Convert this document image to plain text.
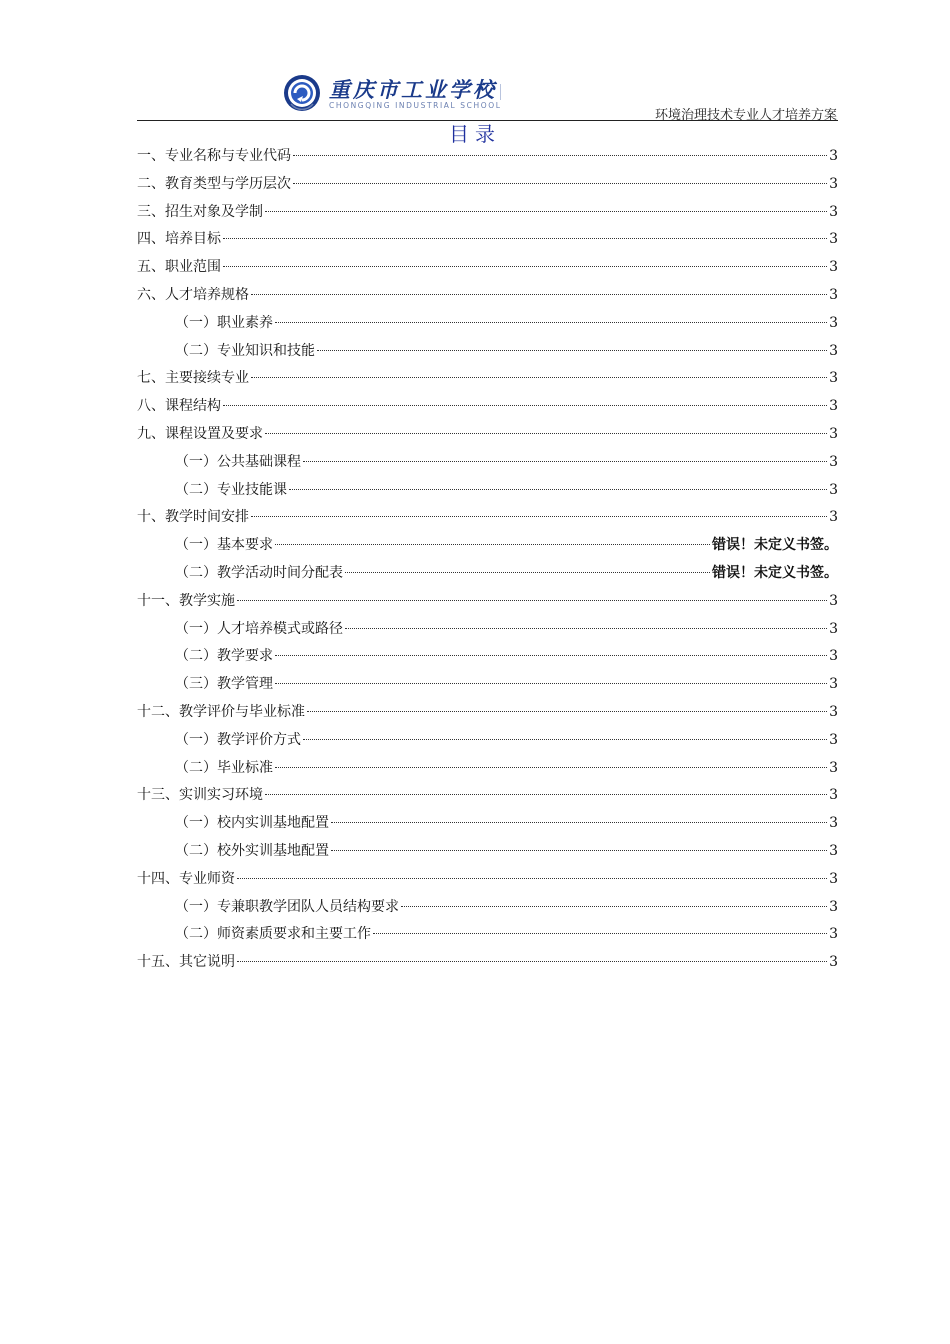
重庆市工业学校
CHONGQING INDUSTRIAL SCHOOL
环境治理技术专业人才培养方案
目录
一、专业名称与专业代码	3
二、教育类型与学历层次	3
三、招生对象及学制	3
四、培养目标	3
五、职业范围	3
六、人才培养规格	3
（一）职业素养	3
（二）专业知识和技能	3
七、主要接续专业	3
八、课程结构	3
九、课程设置及要求	3
（一）公共基础课程	3
（二）专业技能课	3
十、教学时间安排	3
（一）基本要求	错误！未定义书签。
（二）教学活动时间分配表	错误！未定义书签。
十一、教学实施	3
（一）人才培养模式或路径	3
（二）教学要求	3
（三）教学管理	3
十二、教学评价与毕业标准	3
（一）教学评价方式	3
（二）毕业标准	3
十三、实训实习环境	3
（一）校内实训基地配置	3
（二）校外实训基地配置	3
十四、专业师资	3
（一）专兼职教学团队人员结构要求	3
（二）师资素质要求和主要工作	3
十五、其它说明	3
